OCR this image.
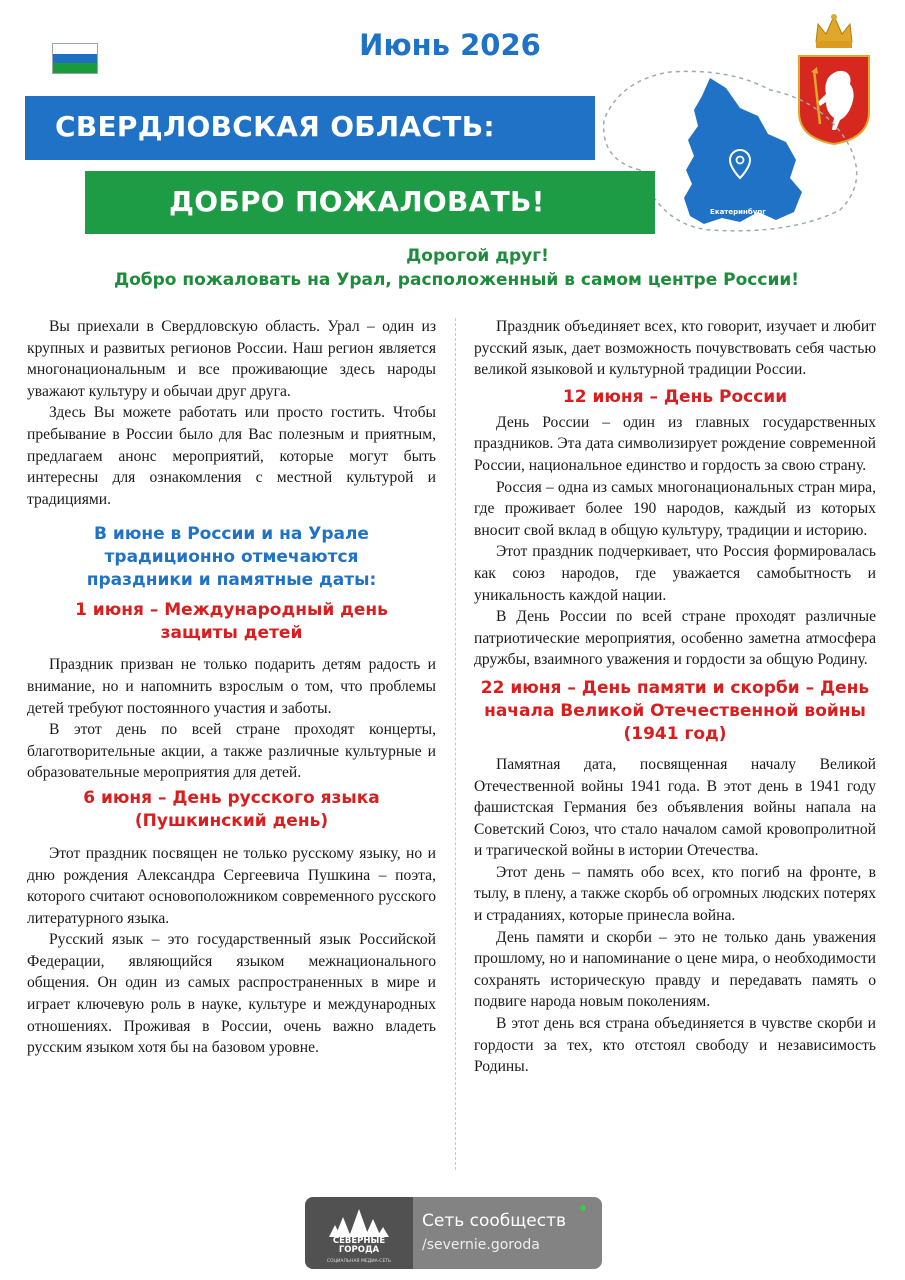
Июнь 2026
СВЕРДЛОВСКАЯ ОБЛАСТЬ:
Екатеринбург
ДОБРО ПОЖАЛОВАТЬ!
Дорогой друг!
Добро пожаловать на Урал, расположенный в самом центре России!

Вы приехали в Свердловскую область. Урал – один из крупных и развитых регионов России. Наш регион является многонациональным и все проживающие здесь народы уважают культуру и обычаи друг друга.

Здесь Вы можете работать или просто гостить. Чтобы пребывание в России было для Вас полезным и приятным, предлагаем анонс мероприятий, которые могут быть интересны для ознакомления с местной культурой и традициями.

В июне в России и на Урале традиционно отмечаются праздники и памятные даты:

1 июня – Международный день защиты детей

Праздник призван не только подарить детям радость и внимание, но и напомнить взрослым о том, что проблемы детей требуют постоянного участия и заботы.

В этот день по всей стране проходят концерты, благотворительные акции, а также различные культурные и образовательные мероприятия для детей.

6 июня – День русского языка (Пушкинский день)

Этот праздник посвящен не только русскому языку, но и дню рождения Александра Сергеевича Пушкина – поэта, которого считают основоположником современного русского литературного языка.

Русский язык – это государственный язык Российской Федерации, являющийся языком межнационального общения. Он один из самых распространенных в мире и играет ключевую роль в науке, культуре и международных отношениях. Проживая в России, очень важно владеть русским языком хотя бы на базовом уровне.

Праздник объединяет всех, кто говорит, изучает и любит русский язык, дает возможность почувствовать себя частью великой языковой и культурной традиции России.

12 июня – День России

День России – один из главных государственных праздников. Эта дата символизирует рождение современной России, национальное единство и гордость за свою страну.

Россия – одна из самых многонациональных стран мира, где проживает более 190 народов, каждый из которых вносит свой вклад в общую культуру, традиции и историю.

Этот праздник подчеркивает, что Россия формировалась как союз народов, где уважается самобытность и уникальность каждой нации.

В День России по всей стране проходят различные патриотические мероприятия, особенно заметна атмосфера дружбы, взаимного уважения и гордости за общую Родину.

22 июня – День памяти и скорби – День начала Великой Отечественной войны (1941 год)

Памятная дата, посвященная началу Великой Отечественной войны 1941 года. В этот день в 1941 году фашистская Германия без объявления войны напала на Советский Союз, что стало началом самой кровопролитной и трагической войны в истории Отечества.

Этот день – память обо всех, кто погиб на фронте, в тылу, в плену, а также скорбь об огромных людских потерях и страданиях, которые принесла война.

День памяти и скорби – это не только дань уважения прошлому, но и напоминание о цене мира, о необходимости сохранять историческую правду и передавать память о подвиге народа новым поколениям.

В этот день вся страна объединяется в чувстве скорби и гордости за тех, кто отстоял свободу и независимость Родины.

СЕВЕРНЫЕ
ГОРОДА
СОЦИАЛЬНАЯ МЕДИА-СЕТЬ
Сеть сообществ
/severnie.goroda
